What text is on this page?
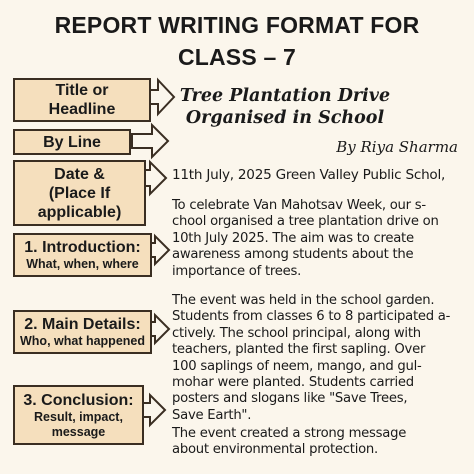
REPORT WRITING FORMAT FOR
CLASS – 7
Title or
Headline
By Line
Date &
(Place If
applicable)
1. Introduction:
What, when, where
2. Main Details:
Who, what happened
3. Conclusion:
Result, impact,
message
Tree Plantation Drive
Organised in School
By Riya Sharma
11th July, 2025 Green Valley Public Schol,
To celebrate Van Mahotsav Week, our s-
chool organised a tree plantation drive on
10th July 2025. The aim was to create
awareness among students about the
importance of trees.
The event was held in the school garden.
Students from classes 6 to 8 participated a-
ctively. The school principal, along with
teachers, planted the first sapling. Over
100 saplings of neem, mango, and gul-
mohar were planted. Students carried
posters and slogans like "Save Trees,
Save Earth".
The event created a strong message
about environmental protection.
